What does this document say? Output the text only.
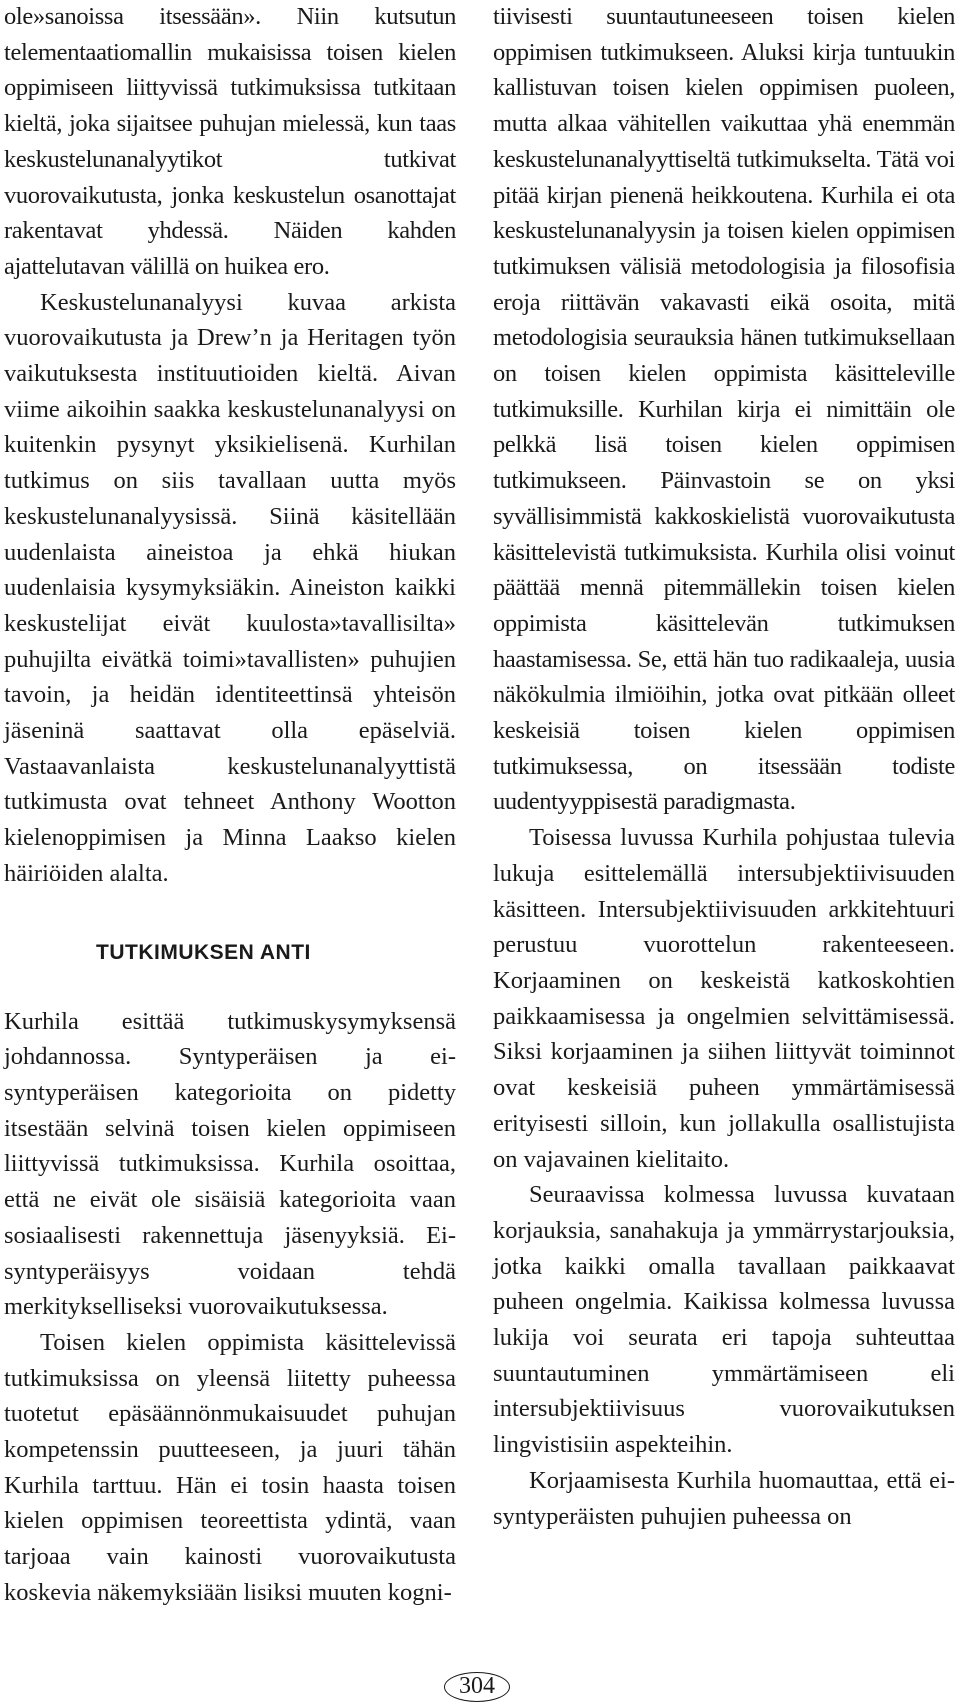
ole»sanoissa itsessään». Niin kutsutun telementaatiomallin mukaisissa toisen kielen oppimiseen liittyvissä tutkimuksissa tutkitaan kieltä, joka sijaitsee puhujan mielessä, kun taas keskustelunanalyytikot tutkivat vuorovaikutusta, jonka keskustelun osanottajat rakentavat yhdessä. Näiden kahden ajattelutavan välillä on huikea ero.

Keskustelunanalyysi kuvaa arkista vuorovaikutusta ja Drew’n ja Heritagen työn vaikutuksesta instituutioiden kieltä. Aivan viime aikoihin saakka keskustelunanalyysi on kuitenkin pysynyt yksikielisenä. Kurhilan tutkimus on siis tavallaan uutta myös keskustelunanalyysissä. Siinä käsitellään uudenlaista aineistoa ja ehkä hiukan uudenlaisia kysymyksiäkin. Aineiston kaikki keskustelijat eivät kuulosta»tavallisilta» puhujilta eivätkä toimi»tavallisten» puhujien tavoin, ja heidän identiteettinsä yhteisön jäseninä saattavat olla epäselviä. Vastaavanlaista keskustelunanalyyttistä tutkimusta ovat tehneet Anthony Wootton kielenoppimisen ja Minna Laakso kielen häiriöiden alalta.

TUTKIMUKSEN ANTI

Kurhila esittää tutkimuskysymyksensä johdannossa. Syntyperäisen ja ei-syntyperäisen kategorioita on pidetty itsestään selvinä toisen kielen oppimiseen liittyvissä tutkimuksissa. Kurhila osoittaa, että ne eivät ole sisäisiä kategorioita vaan sosiaalisesti rakennettuja jäsenyyksiä. Ei-syntyperäisyys voidaan tehdä merkitykselliseksi vuorovaikutuksessa.

Toisen kielen oppimista käsittelevissä tutkimuksissa on yleensä liitetty puheessa tuotetut epäsäännönmukaisuudet puhujan kompetenssin puutteeseen, ja juuri tähän Kurhila tarttuu. Hän ei tosin haasta toisen kielen oppimisen teoreettista ydintä, vaan tarjoaa vain kainosti vuorovaikutusta koskevia näkemyksiään lisiksi muuten kogni-

tiivisesti suuntautuneeseen toisen kielen oppimisen tutkimukseen. Aluksi kirja tuntuukin kallistuvan toisen kielen oppimisen puoleen, mutta alkaa vähitellen vaikuttaa yhä enemmän keskustelunanalyyttiseltä tutkimukselta. Tätä voi pitää kirjan pienenä heikkoutena. Kurhila ei ota keskustelunanalyysin ja toisen kielen oppimisen tutkimuksen välisiä metodologisia ja filosofisia eroja riittävän vakavasti eikä osoita, mitä metodologisia seurauksia hänen tutkimuksellaan on toisen kielen oppimista käsitteleville tutkimuksille. Kurhilan kirja ei nimittäin ole pelkkä lisä toisen kielen oppimisen tutkimukseen. Päinvastoin se on yksi syvällisimmistä kakkoskielistä vuorovaikutusta käsittelevistä tutkimuksista. Kurhila olisi voinut päättää mennä pitemmällekin toisen kielen oppimista käsittelevän tutkimuksen haastamisessa. Se, että hän tuo radikaaleja, uusia näkökulmia ilmiöihin, jotka ovat pitkään olleet keskeisiä toisen kielen oppimisen tutkimuksessa, on itsessään todiste uudentyyppisestä paradigmasta.

Toisessa luvussa Kurhila pohjustaa tulevia lukuja esittelemällä intersubjektiivisuuden käsitteen. Intersubjektiivisuuden arkkitehtuuri perustuu vuorottelun rakenteeseen. Korjaaminen on keskeistä katkoskohtien paikkaamisessa ja ongelmien selvittämisessä. Siksi korjaaminen ja siihen liittyvät toiminnot ovat keskeisiä puheen ymmärtämisessä erityisesti silloin, kun jollakulla osallistujista on vajavainen kielitaito.

Seuraavissa kolmessa luvussa kuvataan korjauksia, sanahakuja ja ymmärrystarjouksia, jotka kaikki omalla tavallaan paikkaavat puheen ongelmia. Kaikissa kolmessa luvussa lukija voi seurata eri tapoja suhteuttaa suuntautuminen ymmärtämiseen eli intersubjektiivisuus vuorovaikutuksen lingvistisiin aspekteihin.

Korjaamisesta Kurhila huomauttaa, että ei-syntyperäisten puhujien puheessa on

304
